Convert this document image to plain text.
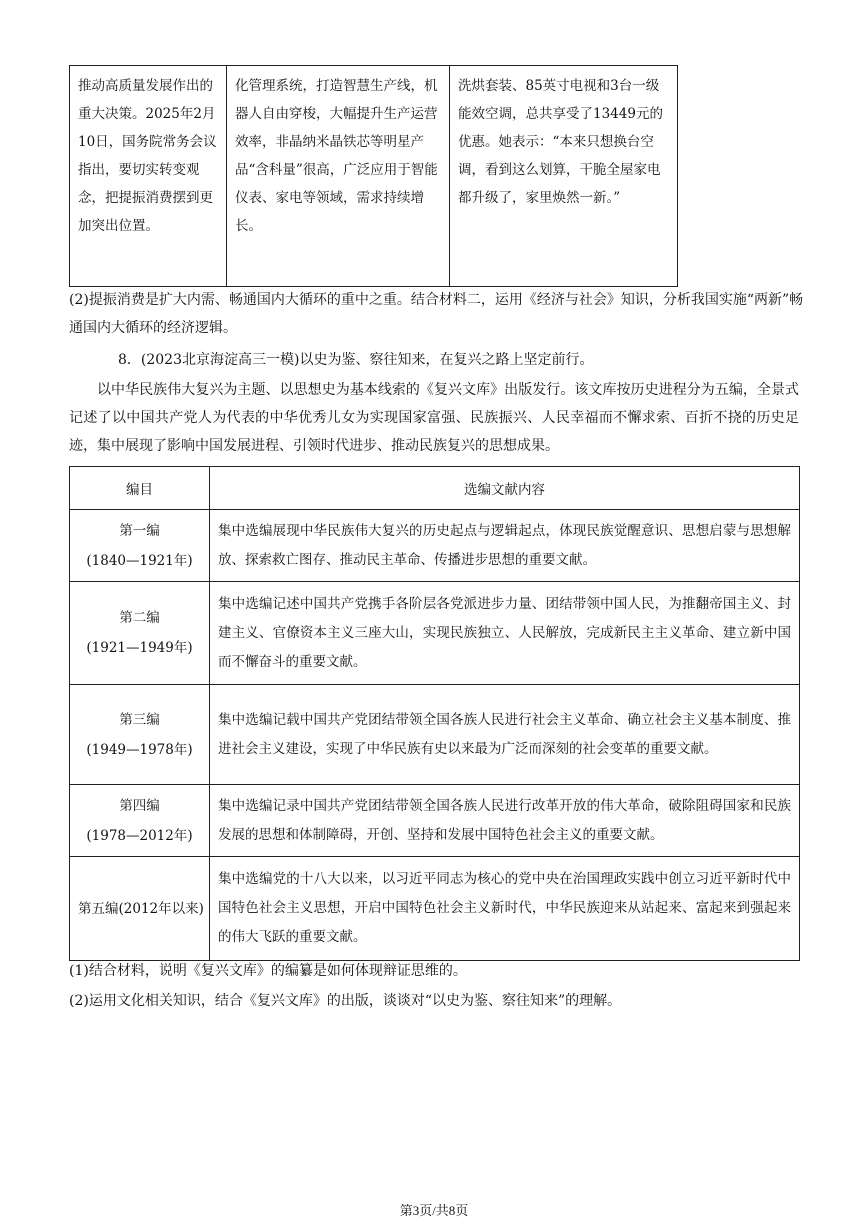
推动高质量发展作出的重大决策。2025年2月10日，国务院常务会议指出，要切实转变观念，把提振消费摆到更加突出位置。	化管理系统，打造智慧生产线，机器人自由穿梭，大幅提升生产运营效率，非晶纳米晶铁芯等明星产品“含科量”很高，广泛应用于智能仪表、家电等领域，需求持续增长。	洗烘套装、85英寸电视和3台一级能效空调，总共享受了13449元的优惠。她表示：“本来只想换台空调，看到这么划算，干脆全屋家电都升级了，家里焕然一新。”
(2)提振消费是扩大内需、畅通国内大循环的重中之重。结合材料二，运用《经济与社会》知识，分析我国实施“两新”畅通国内大循环的经济逻辑。
8．(2023北京海淀高三一模)以史为鉴、察往知来，在复兴之路上坚定前行。
以中华民族伟大复兴为主题、以思想史为基本线索的《复兴文库》出版发行。该文库按历史进程分为五编，全景式记述了以中国共产党人为代表的中华优秀儿女为实现国家富强、民族振兴、人民幸福而不懈求索、百折不挠的历史足迹，集中展现了影响中国发展进程、引领时代进步、推动民族复兴的思想成果。
编目	选编文献内容

第一编
(1840—1921年)	集中选编展现中华民族伟大复兴的历史起点与逻辑起点，体现民族觉醒意识、思想启蒙与思想解放、探索救亡图存、推动民主革命、传播进步思想的重要文献。

第二编
(1921—1949年)	集中选编记述中国共产党携手各阶层各党派进步力量、团结带领中国人民，为推翻帝国主义、封建主义、官僚资本主义三座大山，实现民族独立、人民解放，完成新民主主义革命、建立新中国而不懈奋斗的重要文献。

第三编
(1949—1978年)	集中选编记载中国共产党团结带领全国各族人民进行社会主义革命、确立社会主义基本制度、推进社会主义建设，实现了中华民族有史以来最为广泛而深刻的社会变革的重要文献。

第四编
(1978—2012年)	集中选编记录中国共产党团结带领全国各族人民进行改革开放的伟大革命，破除阻碍国家和民族发展的思想和体制障碍，开创、坚持和发展中国特色社会主义的重要文献。

第五编(2012年以来)	集中选编党的十八大以来，以习近平同志为核心的党中央在治国理政实践中创立习近平新时代中国特色社会主义思想，开启中国特色社会主义新时代，中华民族迎来从站起来、富起来到强起来的伟大飞跃的重要文献。
(1)结合材料，说明《复兴文库》的编纂是如何体现辩证思维的。
(2)运用文化相关知识，结合《复兴文库》的出版，谈谈对“以史为鉴、察往知来”的理解。
第3页/共8页
